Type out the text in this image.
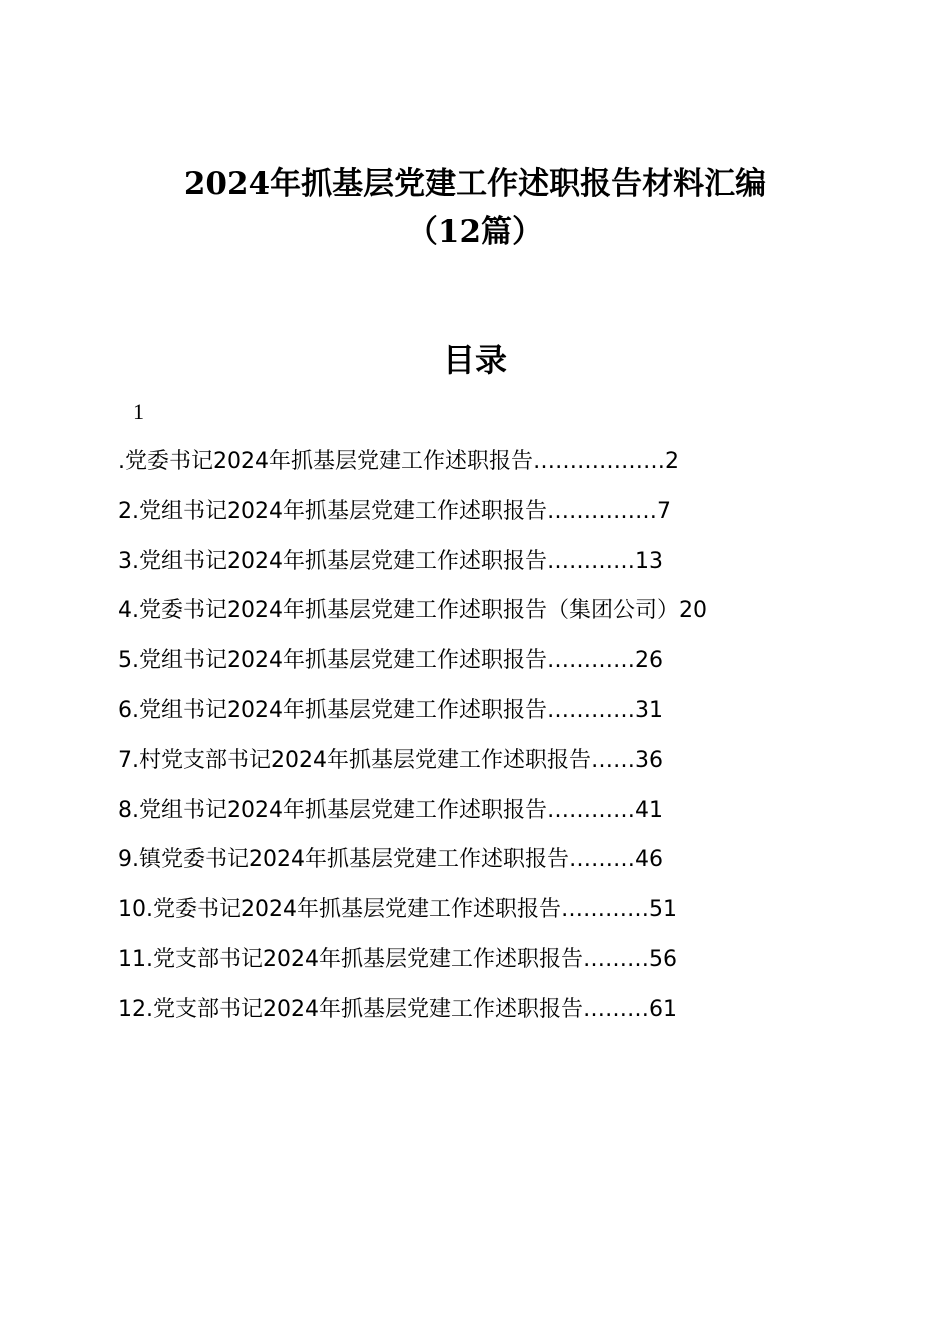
2024年抓基层党建工作述职报告材料汇编
（12篇）
目录
1
.党委书记2024年抓基层党建工作述职报告………………2
2.党组书记2024年抓基层党建工作述职报告……………7
3.党组书记2024年抓基层党建工作述职报告…………13
4.党委书记2024年抓基层党建工作述职报告（集团公司）20
5.党组书记2024年抓基层党建工作述职报告…………26
6.党组书记2024年抓基层党建工作述职报告…………31
7.村党支部书记2024年抓基层党建工作述职报告……36
8.党组书记2024年抓基层党建工作述职报告…………41
9.镇党委书记2024年抓基层党建工作述职报告………46
10.党委书记2024年抓基层党建工作述职报告…………51
11.党支部书记2024年抓基层党建工作述职报告………56
12.党支部书记2024年抓基层党建工作述职报告………61
